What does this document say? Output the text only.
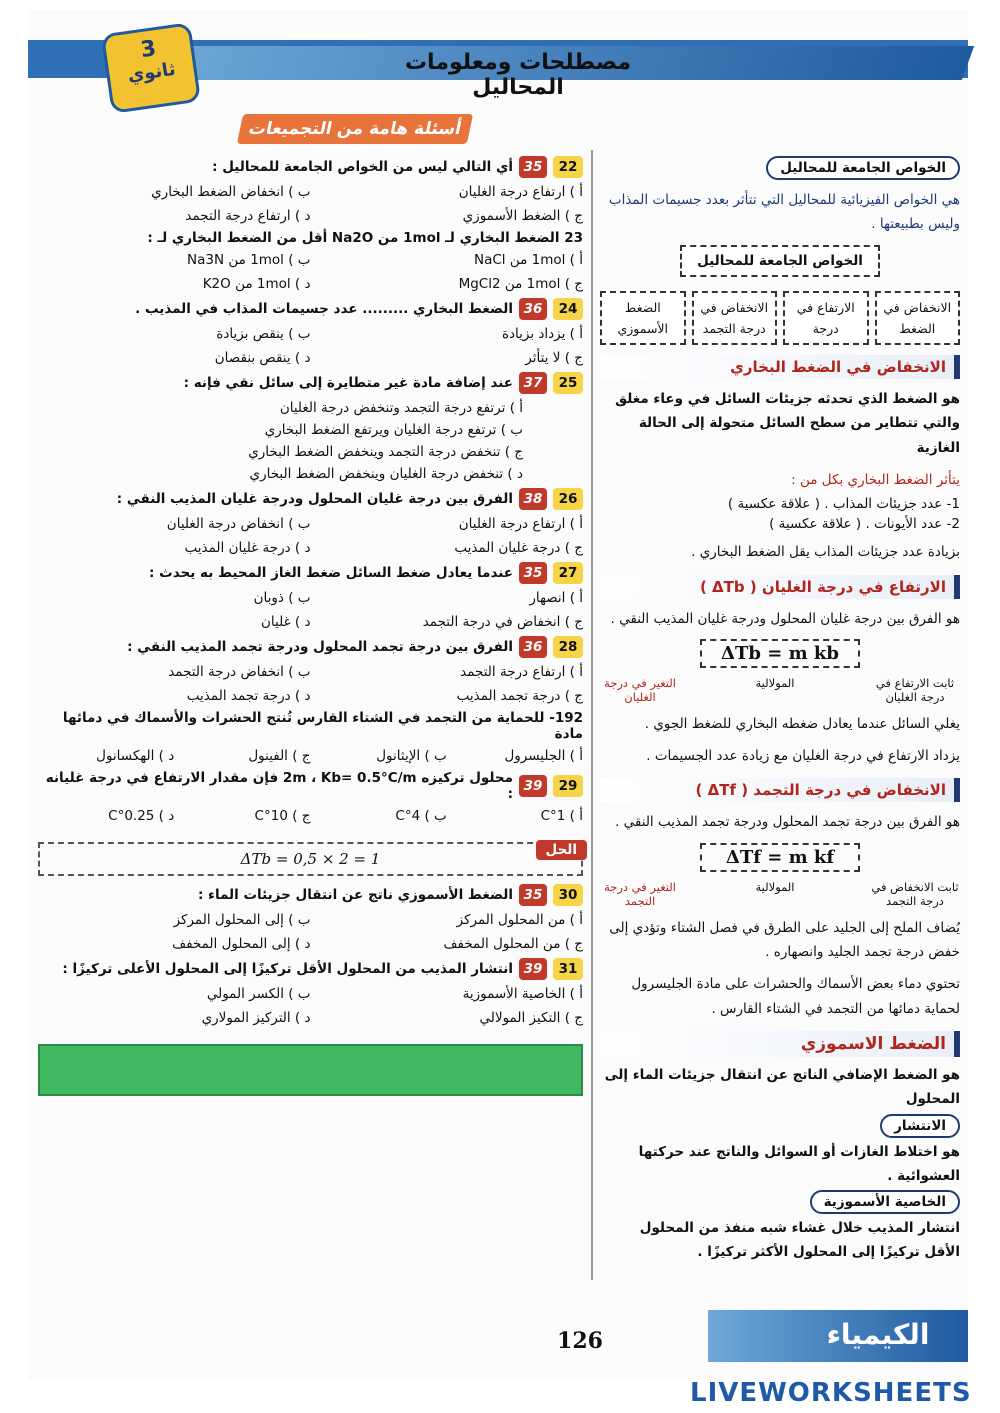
مصطلحات ومعلومات المحاليل
3
ثانوي
أسئلة هامة من التجميعات
22
35
أي التالي ليس من الخواص الجامعة للمحاليل :
أ ) ارتفاع درجة الغليان
ب ) انخفاض الضغط البخاري
ج ) الضغط الأسموزي
د ) ارتفاع درجة التجمد
23 الضغط البخاري لـ 1mol من Na2O أقل من الضغط البخاري لـ :
أ ) 1mol من NaCl
ب ) 1mol من Na3N
ج ) 1mol من MgCl2
د ) 1mol من K2O
24
36
الضغط البخاري ......... عدد جسيمات المذاب في المذيب .
أ ) يزداد بزيادة
ب ) ينقص بزيادة
ج ) لا يتأثر
د ) ينقص بنقصان
25
37
عند إضافة مادة غير متطايرة إلى سائل نقي فإنه :
أ ) ترتفع درجة التجمد وتنخفض درجة الغليان
ب ) ترتفع درجة الغليان ويرتفع الضغط البخاري
ج ) تنخفض درجة التجمد وينخفض الضغط البخاري
د ) تنخفض درجة الغليان وينخفض الضغط البخاري
26
38
الفرق بين درجة غليان المحلول ودرجة غليان المذيب النقي :
أ ) ارتفاع درجة الغليان
ب ) انخفاض درجة الغليان
ج ) درجة غليان المذيب
د ) درجة غليان المذيب
27
35
عندما يعادل ضغط السائل ضغط الغاز المحيط به يحدث :
أ ) انصهار
ب ) ذوبان
ج ) انخفاض في درجة التجمد
د ) غليان
28
36
الفرق بين درجة تجمد المحلول ودرجة تجمد المذيب النقي :
أ ) ارتفاع درجة التجمد
ب ) انخفاض درجة التجمد
ج ) درجة تجمد المذيب
د ) درجة تجمد المذيب
192- للحماية من التجمد في الشتاء القارس تُنتج الحشرات والأسماك في دمائها مادة
أ ) الجليسرول
ب ) الإيثانول
ج ) الفينول
د ) الهكسانول
29
39
محلول تركيزه 2m ، Kb= 0.5°C/m فإن مقدار الارتفاع في درجة غليانه :
أ ) 1°C
ب ) 4°C
ج ) 10°C
د ) 0.25°C
الحل
ΔTb = 0,5 × 2 = 1
30
35
الضغط الأسموزي ناتج عن انتقال جزيئات الماء :
أ ) من المحلول المركز
ب ) إلى المحلول المركز
ج ) من المحلول المخفف
د ) إلى المحلول المخفف
31
39
انتشار المذيب من المحلول الأقل تركيزًا إلى المحلول الأعلى تركيزًا :
أ ) الخاصية الأسموزية
ب ) الكسر المولي
ج ) التكيز المولالي
د ) التركيز المولاري
الخواص الجامعة للمحاليل
هي الخواص الفيزيائية للمحاليل التي تتأثر بعدد جسيمات المذاب وليس بطبيعتها .
الخواص الجامعة للمحاليل
الانخفاض في الضغط
الارتفاع في درجة
الانخفاض في درجة التجمد
الضغط الأسموزي
الانخفاض في الضغط البخاري
هو الضغط الذي تحدثه جزيئات السائل في وعاء مغلق والتي تتطاير من سطح السائل متحولة إلى الحالة الغازية
يتأثر الضغط البخاري بكل من :
1- عدد جزيئات المذاب . ( علاقة عكسية )
2- عدد الأيونات . ( علاقة عكسية )
بزيادة عدد جزيئات المذاب يقل الضغط البخاري .
الارتفاع في درجة الغليان ( ΔTb )
هو الفرق بين درجة غليان المحلول ودرجة غليان المذيب النقي .
ΔTb = m kb
ثابت الارتفاع في درجة الغليان
المولالية
التغير في درجة الغليان
يغلي السائل عندما يعادل ضغطه البخاري للضغط الجوي .
يزداد الارتفاع في درجة الغليان مع زيادة عدد الجسيمات .
الانخفاض في درجة التجمد ( ΔTf )
هو الفرق بين درجة تجمد المحلول ودرجة تجمد المذيب النقي .
ΔTf = m kf
ثابت الانخفاض في درجة التجمد
المولالية
التغير في درجة التجمد
يُضاف الملح إلى الجليد على الطرق في فصل الشتاء وتؤدي إلى خفض درجة تجمد الجليد وانصهاره .
تحتوي دماء بعض الأسماك والحشرات على مادة الجليسرول لحماية دمائها من التجمد في الشتاء القارس .
الضغط الاسموزي
هو الضغط الإضافي الناتج عن انتقال جزيئات الماء إلى المحلول
الانتشار
هو اختلاط الغازات أو السوائل والناتج عند حركتها العشوائية .
الخاصية الأسموزية
انتشار المذيب خلال غشاء شبه منفذ من المحلول الأقل تركيزًا إلى المحلول الأكثر تركيزًا .
126	الكيمياء
LIVEWORKSHEETS
